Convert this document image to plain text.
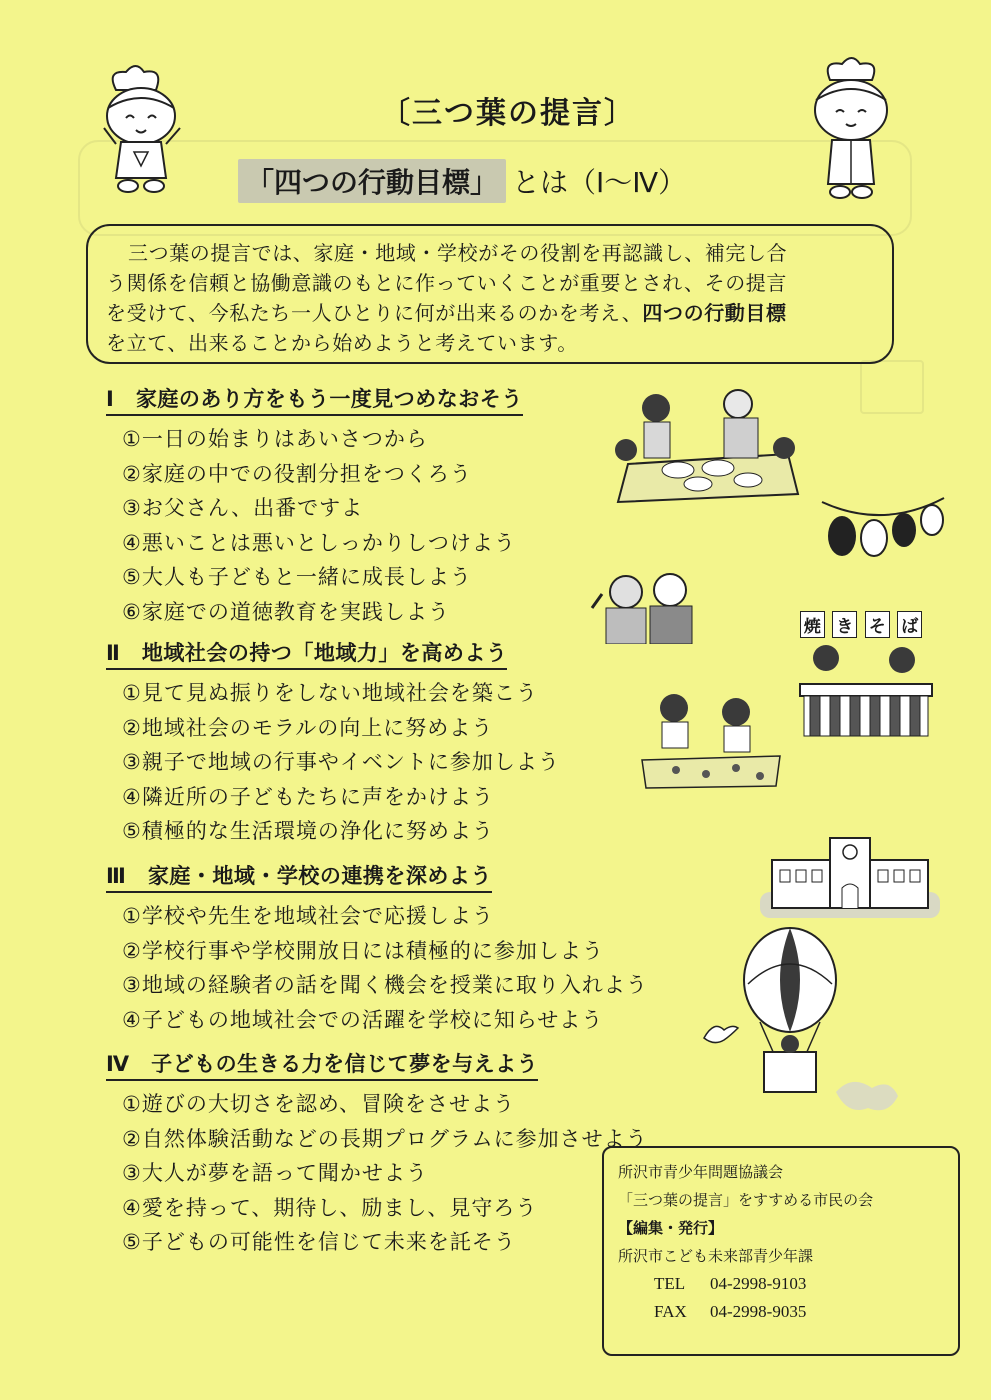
〔三つ葉の提言〕
「四つの行動目標」 とは（Ⅰ～Ⅳ）
三つ葉の提言では、家庭・地域・学校がその役割を再認識し、補完し合
う関係を信頼と協働意識のもとに作っていくことが重要とされ、その提言
を受けて、今私たち一人ひとりに何が出来るのかを考え、四つの行動目標
を立て、出来ることから始めようと考えています。
Ⅰ　家庭のあり方をもう一度見つめなおそう
①一日の始まりはあいさつから
②家庭の中での役割分担をつくろう
③お父さん、出番ですよ
④悪いことは悪いとしっかりしつけよう
⑤大人も子どもと一緒に成長しよう
⑥家庭での道徳教育を実践しよう
Ⅱ　地域社会の持つ「地域力」を高めよう
①見て見ぬ振りをしない地域社会を築こう
②地域社会のモラルの向上に努めよう
③親子で地域の行事やイベントに参加しよう
④隣近所の子どもたちに声をかけよう
⑤積極的な生活環境の浄化に努めよう
Ⅲ　家庭・地域・学校の連携を深めよう
①学校や先生を地域社会で応援しよう
②学校行事や学校開放日には積極的に参加しよう
③地域の経験者の話を聞く機会を授業に取り入れよう
④子どもの地域社会での活躍を学校に知らせよう
Ⅳ　子どもの生きる力を信じて夢を与えよう
①遊びの大切さを認め、冒険をさせよう
②自然体験活動などの長期プログラムに参加させよう
③大人が夢を語って聞かせよう
④愛を持って、期待し、励まし、見守ろう
⑤子どもの可能性を信じて未来を託そう
焼 き そ ば
所沢市青少年問題協議会
「三つ葉の提言」をすすめる市民の会
【編集・発行】
所沢市こども未来部青少年課
TEL 04-2998-9103
FAX 04-2998-9035
